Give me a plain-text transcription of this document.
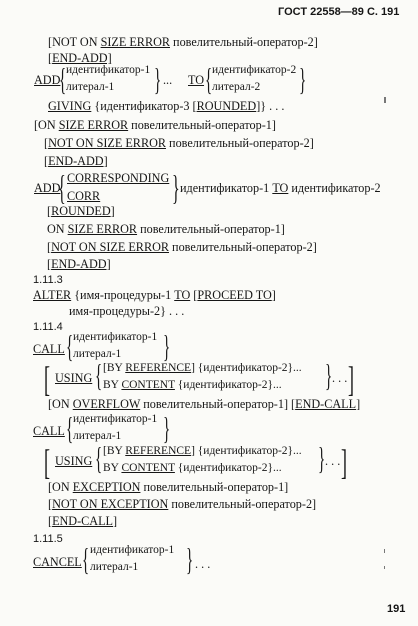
ГОСТ 22558—89 С. 191
[NOT ON SIZE ERROR повелительный-оператор-2]
[END-ADD]
ADD
{ идентификатор-1
литерал-1	} ... TO { идентификатор-2
литерал-2	}
GIVING {идентификатор-3 [ROUNDED]} . . .
[ON SIZE ERROR повелительный-оператор-1]
[NOT ON SIZE ERROR повелительный-оператор-2]
[END-ADD]
ADD
{ CORRESPONDING
CORR	} идентификатор-1 TO идентификатор-2
[ROUNDED]
ON SIZE ERROR повелительный-оператор-1]
[NOT ON SIZE ERROR повелительный-оператор-2]
[END-ADD]
1.11.3
ALTER {имя-процедуры-1 TO [PROCEED TO]
имя-процедуры-2} . . .
1.11.4
CALL { идентификатор-1
литерал-1	}
[ USING { [BY REFERENCE] {идентификатор-2}...
BY CONTENT {идентификатор-2}...	} . . . ]
[ON OVERFLOW повелительный-оператор-1] [END-CALL]
CALL { идентификатор-1
литерал-1	}
[ USING { [BY REFERENCE] {идентификатор-2}...
BY CONTENT {идентификатор-2}... } . . . ]
[ON EXCEPTION повелительный-оператор-1]
[NOT ON EXCEPTION повелительный-оператор-2]
[END-CALL]
1.11.5
CANCEL { идентификатор-1
литерал-1	} . . .
191
